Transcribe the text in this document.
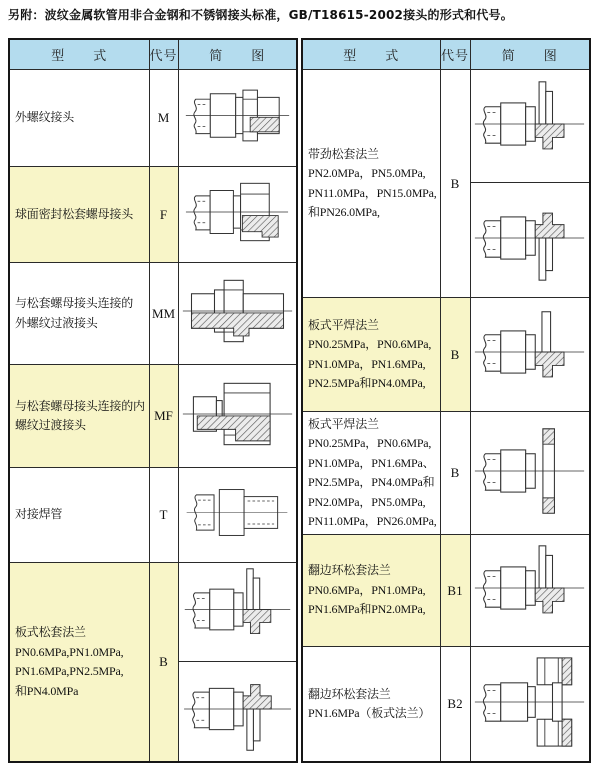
另附：波纹金属软管用非合金钢和不锈钢接头标准，GB/T18615-2002接头的形式和代号。
型　　式	代号	简　　图

外螺纹接头	M	

球面密封松套螺母接头	F	

与松套螺母接头连接的
外螺纹过液接头	MM	

与松套螺母接头连接的内
螺纹过渡接头	MF	

对接焊管	T	

板式松套法兰
PN0.6MPa,PN1.0MPa,
PN1.6MPa,PN2.5MPa,
和PN4.0MPa	B	

型　　式	代号	简　　图

带劲松套法兰
PN2.0MPa，PN5.0MPa,
PN11.0MPa，PN15.0MPa,
和PN26.0MPa,	B	

板式平焊法兰
PN0.25MPa，PN0.6MPa,
PN1.0MPa，PN1.6MPa,
PN2.5MPa和PN4.0MPa,	B	

板式平焊法兰
PN0.25MPa，PN0.6MPa,
PN1.0MPa，PN1.6MPa、
PN2.5MPa，PN4.0MPa和
PN2.0MPa，PN5.0MPa,
PN11.0MPa，PN26.0MPa,
	B	

翻边环松套法兰
PN0.6MPa，PN1.0MPa,
PN1.6MPa和PN2.0MPa,	B1	

翻边环松套法兰
PN1.6MPa（板式法兰）	B2	
